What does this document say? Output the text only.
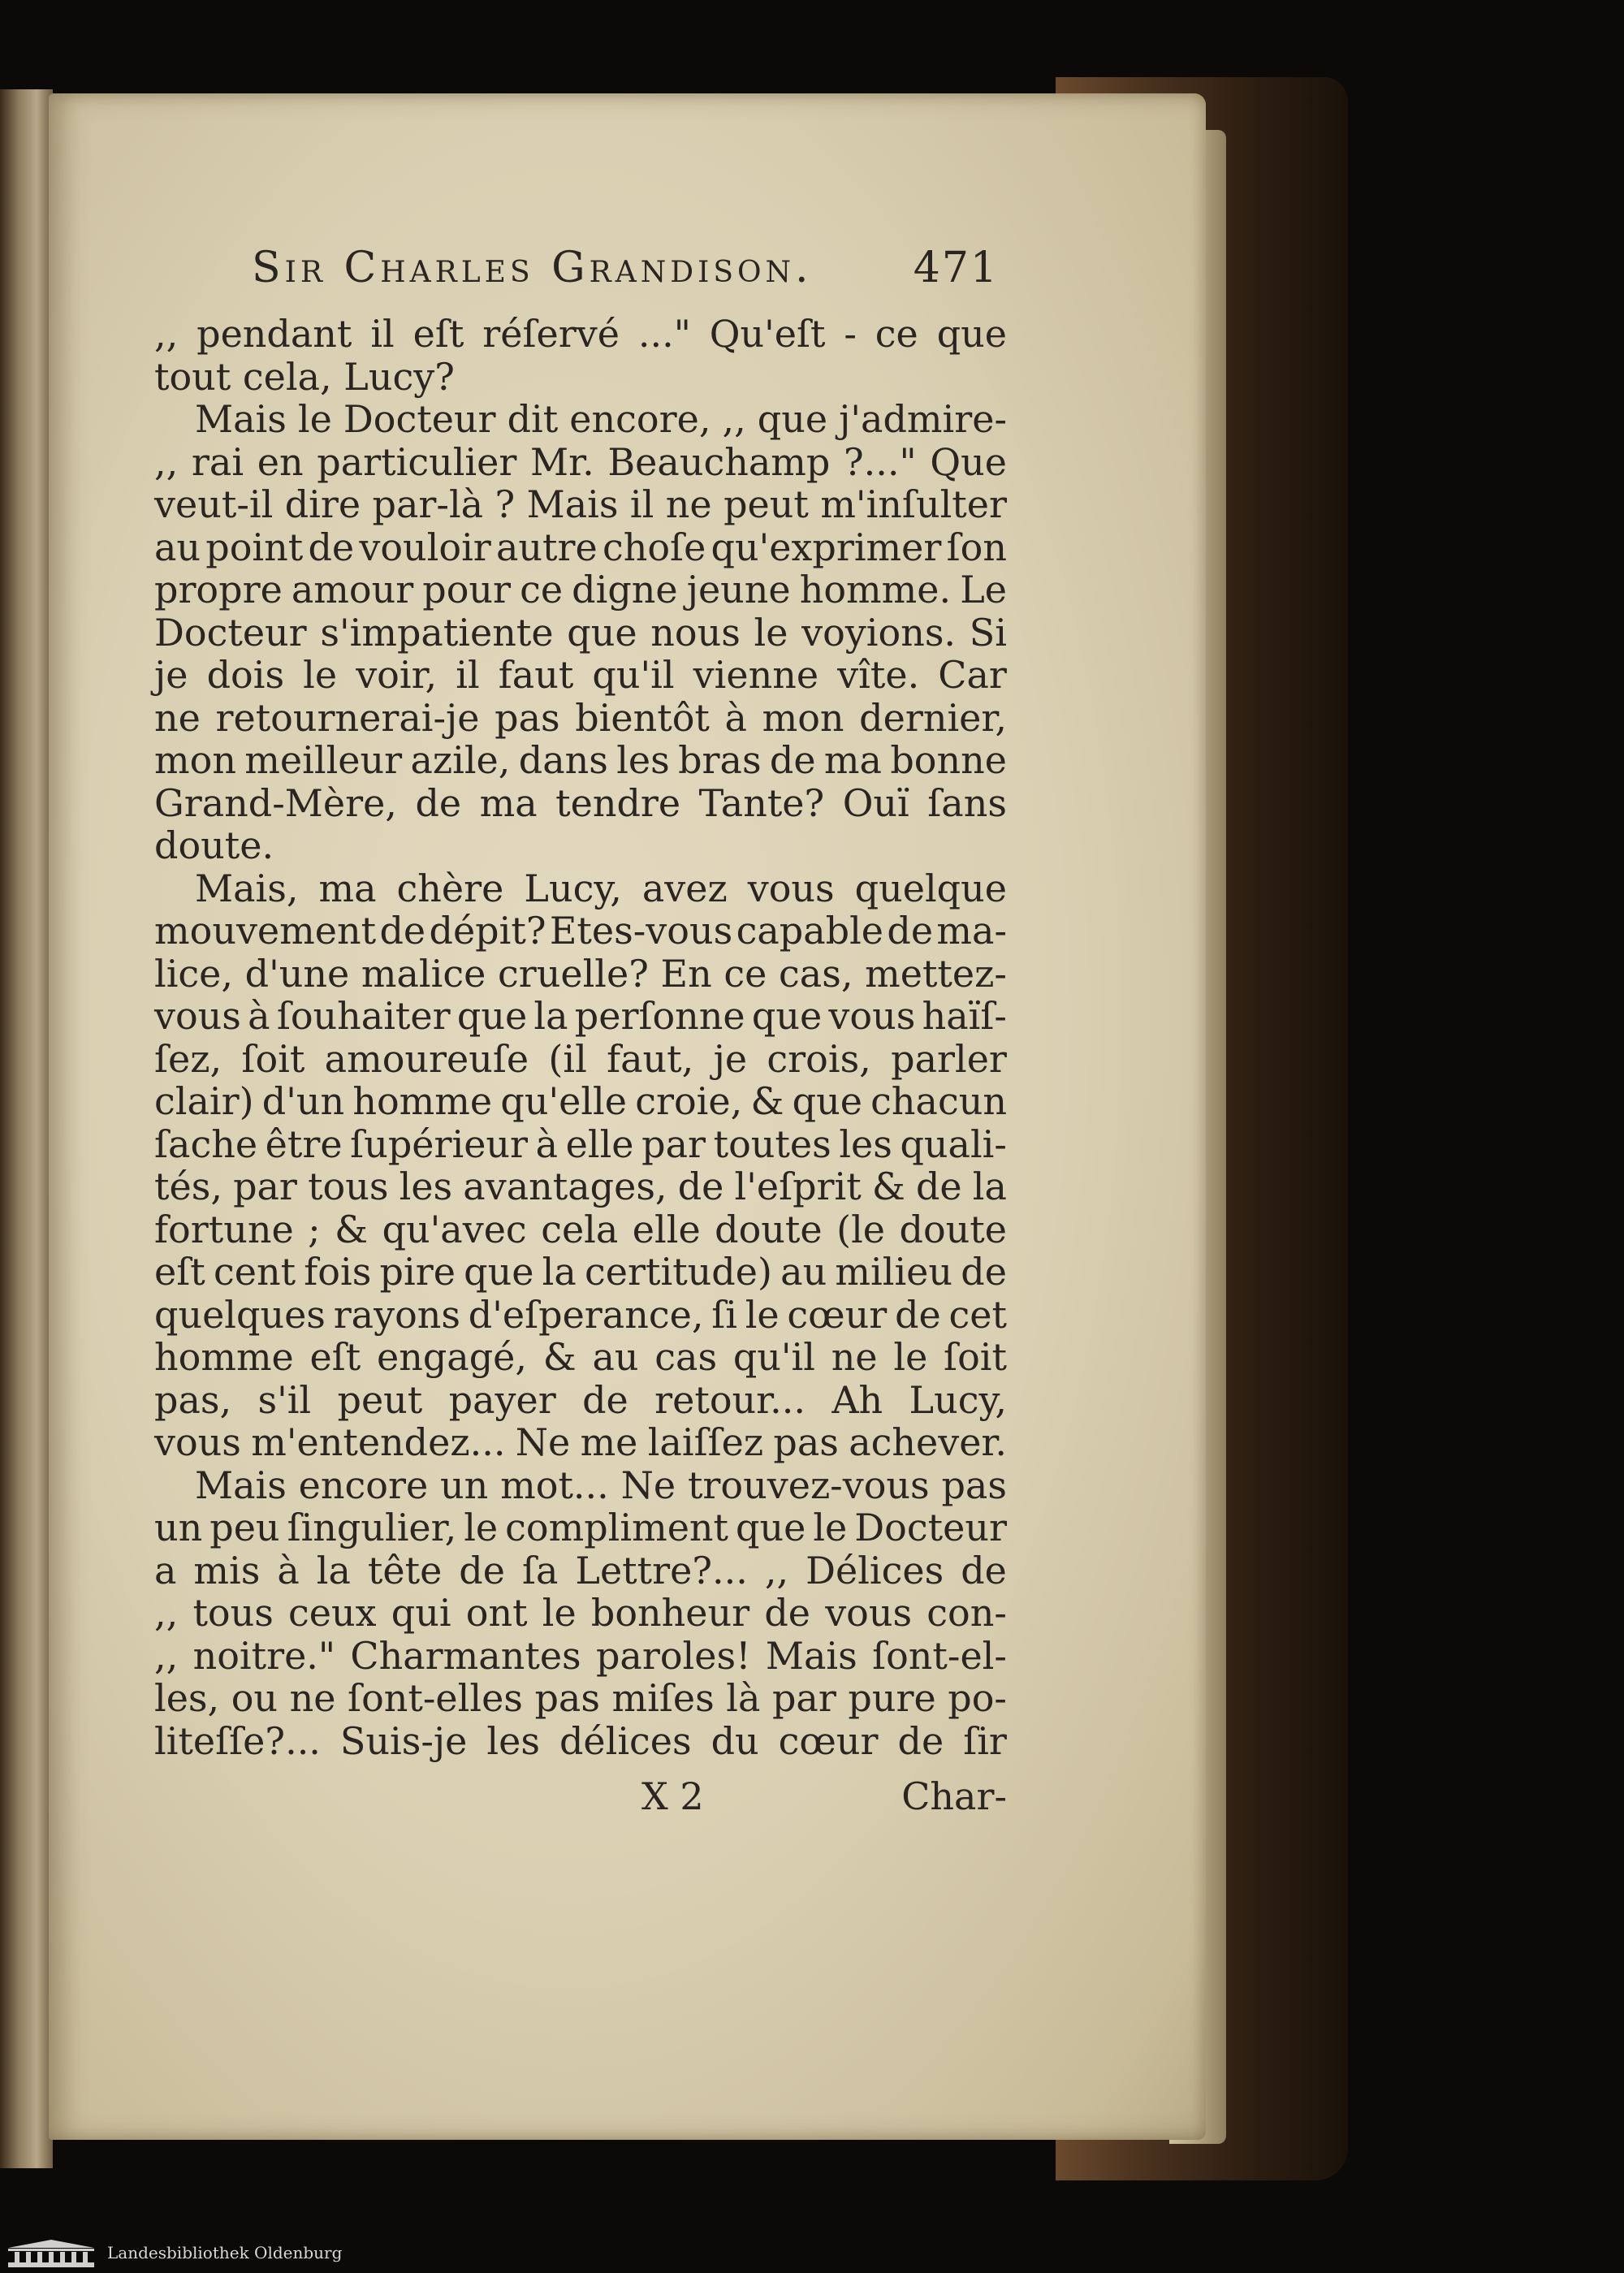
Sir Charles Grandison. 471
,, pendant il eſt réſervé ..." Qu'eſt - ce que
tout cela, Lucy?
Mais le Docteur dit encore, ,, que j'admire-
,, rai en particulier Mr. Beauchamp ?..." Que
veut-il dire par-là ? Mais il ne peut m'inſulter
au point de vouloir autre choſe qu'exprimer ſon
propre amour pour ce digne jeune homme. Le
Docteur s'impatiente que nous le voyions. Si
je dois le voir, il faut qu'il vienne vîte. Car
ne retournerai-je pas bientôt à mon dernier,
mon meilleur azile, dans les bras de ma bonne
Grand-Mère, de ma tendre Tante? Ouï ſans
doute.
Mais, ma chère Lucy, avez vous quelque
mouvement de dépit? Etes-vous capable de ma-
lice, d'une malice cruelle? En ce cas, mettez-
vous à ſouhaiter que la perſonne que vous haïſ-
ſez, ſoit amoureuſe (il faut, je crois, parler
clair) d'un homme qu'elle croie, & que chacun
ſache être ſupérieur à elle par toutes les quali-
tés, par tous les avantages, de l'eſprit & de la
fortune ; & qu'avec cela elle doute (le doute
eſt cent fois pire que la certitude) au milieu de
quelques rayons d'eſperance, ſi le cœur de cet
homme eſt engagé, & au cas qu'il ne le ſoit
pas, s'il peut payer de retour... Ah Lucy,
vous m'entendez... Ne me laiſſez pas achever.
Mais encore un mot... Ne trouvez-vous pas
un peu ſingulier, le compliment que le Docteur
a mis à la tête de ſa Lettre?... ,, Délices de
,, tous ceux qui ont le bonheur de vous con-
,, noitre." Charmantes paroles! Mais ſont-el-
les, ou ne ſont-elles pas miſes là par pure po-
liteſſe?... Suis-je les délices du cœur de ſir
X 2	Char-
Landesbibliothek Oldenburg
